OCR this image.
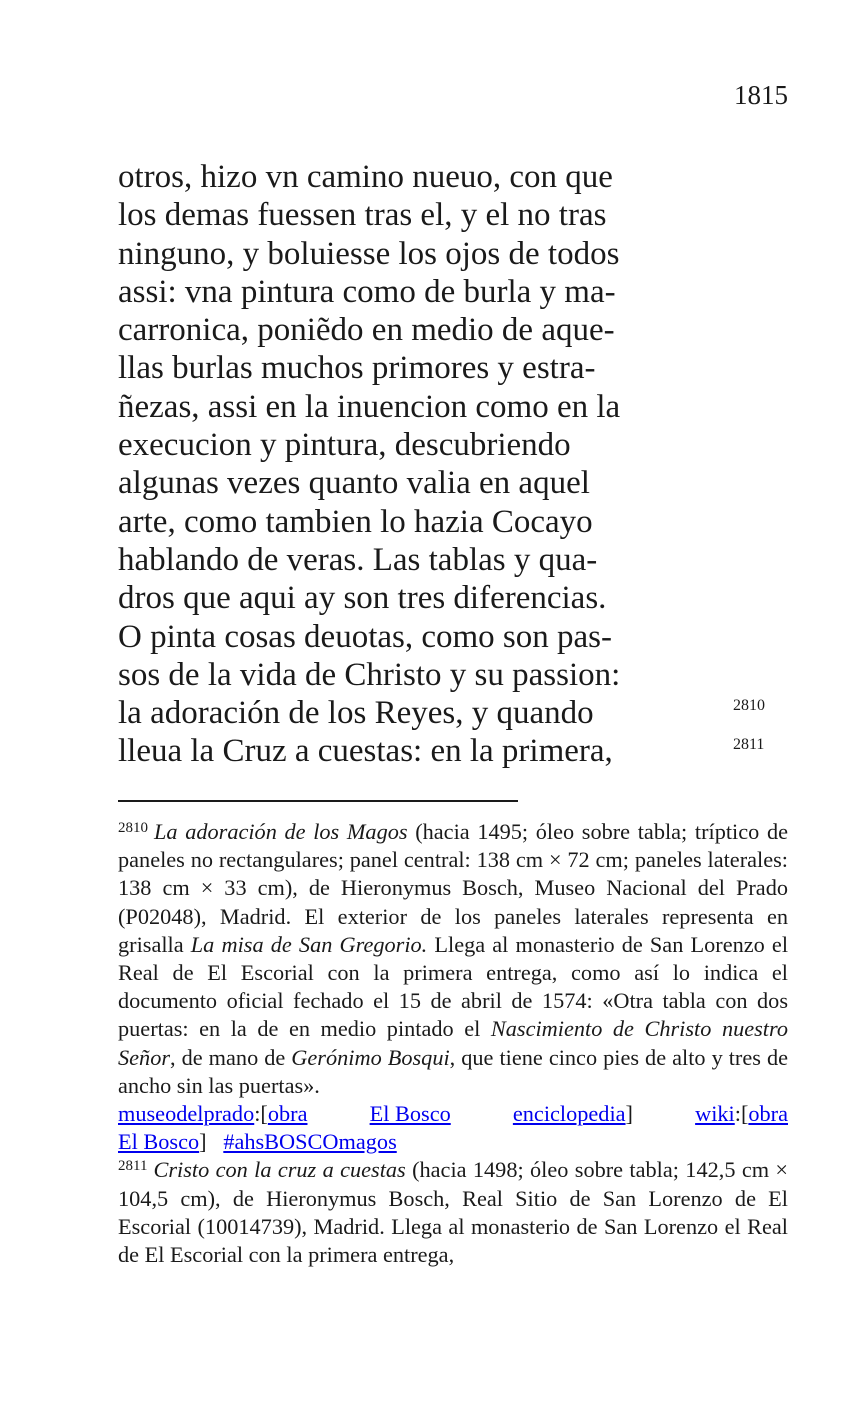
1815
otros, hizo vn camino nueuo, con que
los demas fuessen tras el, y el no tras
ninguno, y boluiesse los ojos de todos
assi: vna pintura como de burla y ma-
carronica, poniẽdo en medio de aque-
llas burlas muchos primores y estra-
ñezas, assi en la inuencion como en la
execucion y pintura, descubriendo
algunas vezes quanto valia en aquel
arte, como tambien lo hazia Cocayo
hablando de veras. Las tablas y qua-
dros que aqui ay son tres diferencias.
O pinta cosas deuotas, como son pas-
sos de la vida de Christo y su passion:
la adoración de los Reyes, y quando
lleua la Cruz a cuestas: en la primera,
2810
2811

$^{2810}$ La adoración de los Magos (hacia 1495; óleo sobre tabla; tríptico de paneles no rectangulares; panel central: 138 cm × 72 cm; paneles laterales: 138 cm × 33 cm), de Hieronymus Bosch, Museo Nacional del Prado (P02048), Madrid. El exterior de los paneles laterales representa en grisalla La misa de San Gregorio. Llega al monasterio de San Lorenzo el Real de El Escorial con la primera entrega, como así lo indica el documento oficial fechado el 15 de abril de 1574: «Otra tabla con dos puertas: en la de en medio pintado el Nascimiento de Christo nuestro Señor, de mano de Gerónimo Bosqui, que tiene cinco pies de alto y tres de ancho sin las puertas».

museodelprado:[obra	El Bosco	enciclopedia]	wiki:[obra
El Bosco] #ahsBOSCOmagos

$^{2811}$ Cristo con la cruz a cuestas (hacia 1498; óleo sobre tabla; 142,5 cm × 104,5 cm), de Hieronymus Bosch, Real Sitio de San Lorenzo de El Escorial (10014739), Madrid. Llega al monasterio de San Lorenzo el Real de El Escorial con la primera entrega,
